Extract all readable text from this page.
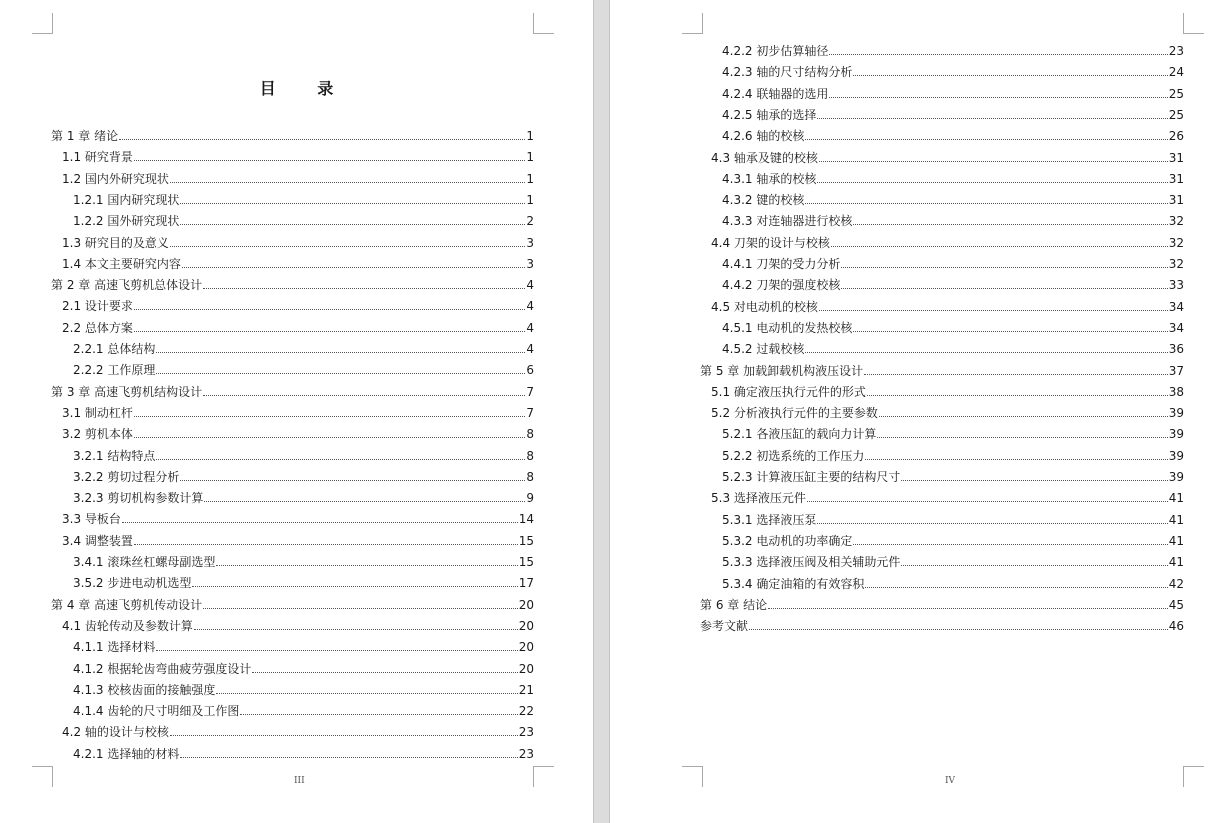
目 录
III	IV
第 1 章 绪论	1
1.1 研究背景	1
1.2 国内外研究现状	1
1.2.1 国内研究现状	1
1.2.2 国外研究现状	2
1.3 研究目的及意义	3
1.4 本文主要研究内容	3
第 2 章 高速飞剪机总体设计	4
2.1 设计要求	4
2.2 总体方案	4
2.2.1 总体结构	4
2.2.2 工作原理	6
第 3 章 高速飞剪机结构设计	7
3.1 制动杠杆	7
3.2 剪机本体	8
3.2.1 结构特点	8
3.2.2 剪切过程分析	8
3.2.3 剪切机构参数计算	9
3.3 导板台	14
3.4 调整装置	15
3.4.1 滚珠丝杠螺母副选型	15
3.5.2 步进电动机选型	17
第 4 章 高速飞剪机传动设计	20
4.1 齿轮传动及参数计算	20
4.1.1 选择材料	20
4.1.2 根据轮齿弯曲疲劳强度设计	20
4.1.3 校核齿面的接触强度	21
4.1.4 齿轮的尺寸明细及工作图	22
4.2 轴的设计与校核	23
4.2.1 选择轴的材料	23
4.2.2 初步估算轴径	23
4.2.3 轴的尺寸结构分析	24
4.2.4 联轴器的选用	25
4.2.5 轴承的选择	25
4.2.6 轴的校核	26
4.3 轴承及键的校核	31
4.3.1 轴承的校核	31
4.3.2 键的校核	31
4.3.3 对连轴器进行校核	32
4.4 刀架的设计与校核	32
4.4.1 刀架的受力分析	32
4.4.2 刀架的强度校核	33
4.5 对电动机的校核	34
4.5.1 电动机的发热校核	34
4.5.2 过载校核	36
第 5 章 加载卸载机构液压设计	37
5.1 确定液压执行元件的形式	38
5.2 分析液执行元件的主要参数	39
5.2.1 各液压缸的载向力计算	39
5.2.2 初选系统的工作压力	39
5.2.3 计算液压缸主要的结构尺寸	39
5.3 选择液压元件	41
5.3.1 选择液压泵	41
5.3.2 电动机的功率确定	41
5.3.3 选择液压阀及相关辅助元件	41
5.3.4 确定油箱的有效容积	42
第 6 章 结论	45
参考文献	46
